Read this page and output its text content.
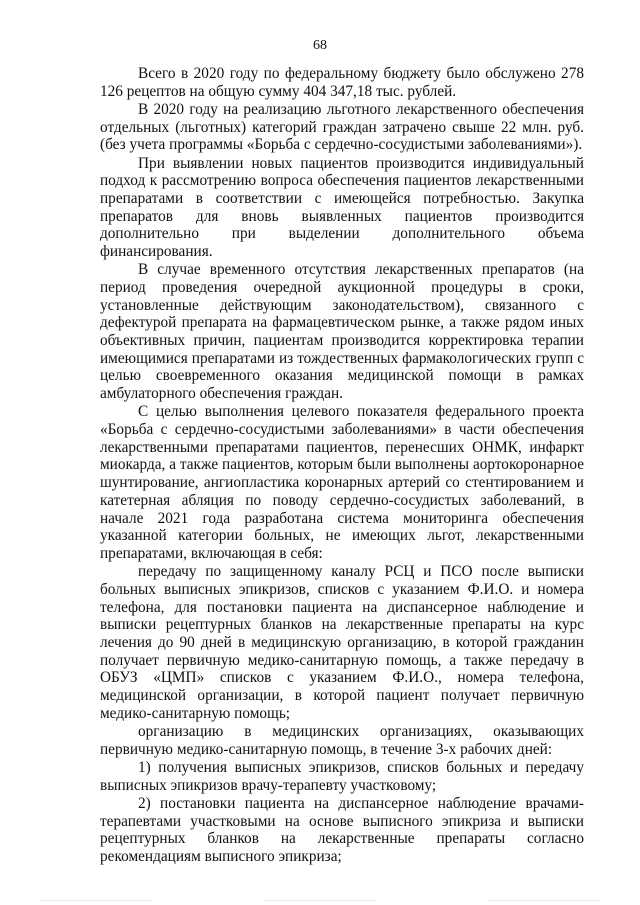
68

Всего в 2020 году по федеральному бюджету было обслужено 278 126 рецептов на общую сумму 404 347,18 тыс. рублей.

В 2020 году на реализацию льготного лекарственного обеспечения отдельных (льготных) категорий граждан затрачено свыше 22 млн. руб. (без учета программы «Борьба с сердечно-сосудистыми заболеваниями»).

При выявлении новых пациентов производится индивидуальный подход к рассмотрению вопроса обеспечения пациентов лекарственными препаратами в соответствии с имеющейся потребностью. Закупка препаратов для вновь выявленных пациентов производится дополнительно при выделении дополнительного объема финансирования.

В случае временного отсутствия лекарственных препаратов (на период проведения очередной аукционной процедуры в сроки, установленные действующим законодательством), связанного с дефектурой препарата на фармацевтическом рынке, а также рядом иных объективных причин, пациентам производится корректировка терапии имеющимися препаратами из тождественных фармакологических групп с целью своевременного оказания медицинской помощи в рамках амбулаторного обеспечения граждан.

С целью выполнения целевого показателя федерального проекта «Борьба с сердечно-сосудистыми заболеваниями» в части обеспечения лекарственными препаратами пациентов, перенесших ОНМК, инфаркт миокарда, а также пациентов, которым были выполнены аортокоронарное шунтирование, ангиопластика коронарных артерий со стентированием и катетерная абляция по поводу сердечно-сосудистых заболеваний, в начале 2021 года разработана система мониторинга обеспечения указанной категории больных, не имеющих льгот, лекарственными препаратами, включающая в себя:

передачу по защищенному каналу РСЦ и ПСО после выписки больных выписных эпикризов, списков с указанием Ф.И.О. и номера телефона, для постановки пациента на диспансерное наблюдение и выписки рецептурных бланков на лекарственные препараты на курс лечения до 90 дней в медицинскую организацию, в которой гражданин получает первичную медико-санитарную помощь, а также передачу в ОБУЗ «ЦМП» списков с указанием Ф.И.О., номера телефона, медицинской организации, в которой пациент получает первичную медико-санитарную помощь;

организацию в медицинских организациях, оказывающих первичную медико-санитарную помощь, в течение 3-х рабочих дней:

1) получения выписных эпикризов, списков больных и передачу выписных эпикризов врачу-терапевту участковому;

2) постановки пациента на диспансерное наблюдение врачами-терапевтами участковыми на основе выписного эпикриза и выписки рецептурных бланков на лекарственные препараты согласно рекомендациям выписного эпикриза;
